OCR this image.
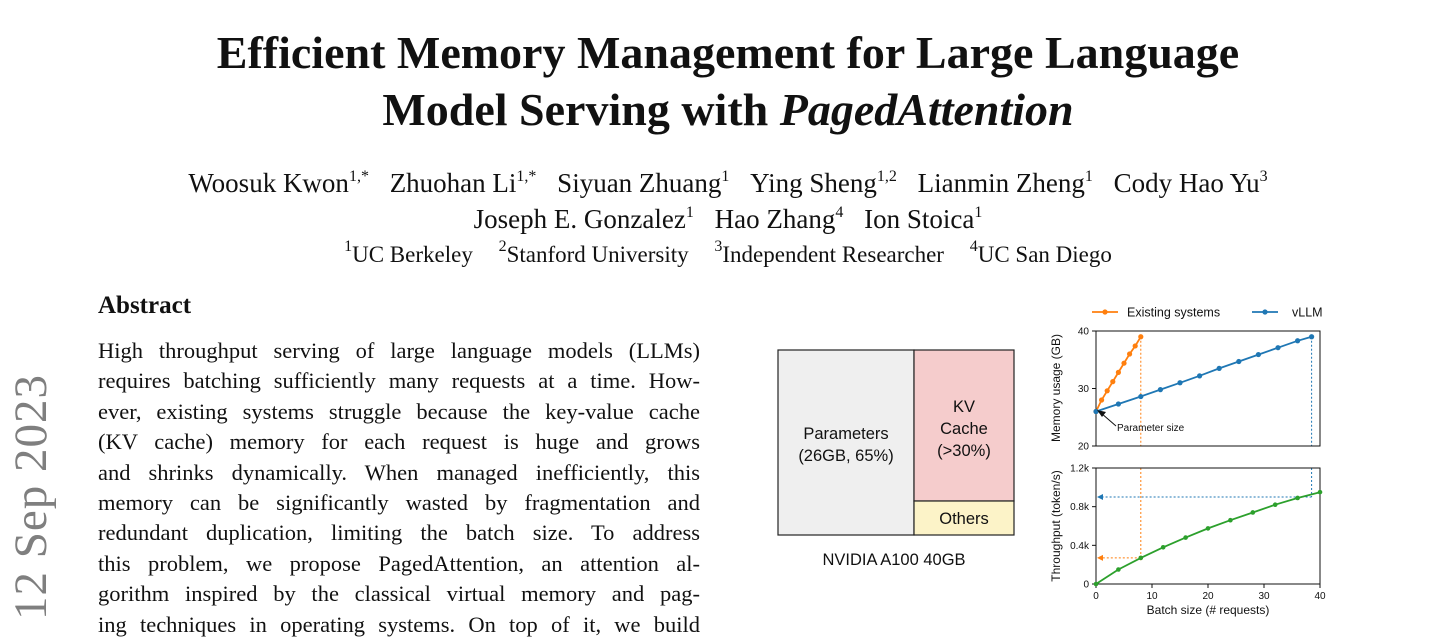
12 Sep 2023
Efficient Memory Management for Large Language
Model Serving with PagedAttention
Woosuk Kwon$^{1,*}$ Zhuohan $Li^{1,*}$ Siyuan Zhuang$^1$ Ying Sheng$^{1,2}$ Lianmin Zheng$^1$ Cody Hao Yu$^3$
Joseph E. Gonzalez$^1$ Hao Zhang$^4$ Ion Stoica$^1$
$^1$UC Berkeley $^2$Stanford University $^3$Independent Researcher $^4$UC San Diego
Abstract
High throughput serving of large language models (LLMs)
requires batching sufficiently many requests at a time. How-
ever, existing systems struggle because the key-value cache
(KV cache) memory for each request is huge and grows
and shrinks dynamically. When managed inefficiently, this
memory can be significantly wasted by fragmentation and
redundant duplication, limiting the batch size. To address
this problem, we propose PagedAttention, an attention al-
gorithm inspired by the classical virtual memory and pag-
ing techniques in operating systems. On top of it, we build
Parameters
(26GB, 65%)
KV
Cache
(>30%)
Others
NVIDIA A100 40GB
Existing systems	vLLM
20
30
40
Parameter size
Memory usage (GB)
0
0.4k
0.8k
1.2k
0	10	20	30	40
Throughput (token/s)
Batch size (# requests)
